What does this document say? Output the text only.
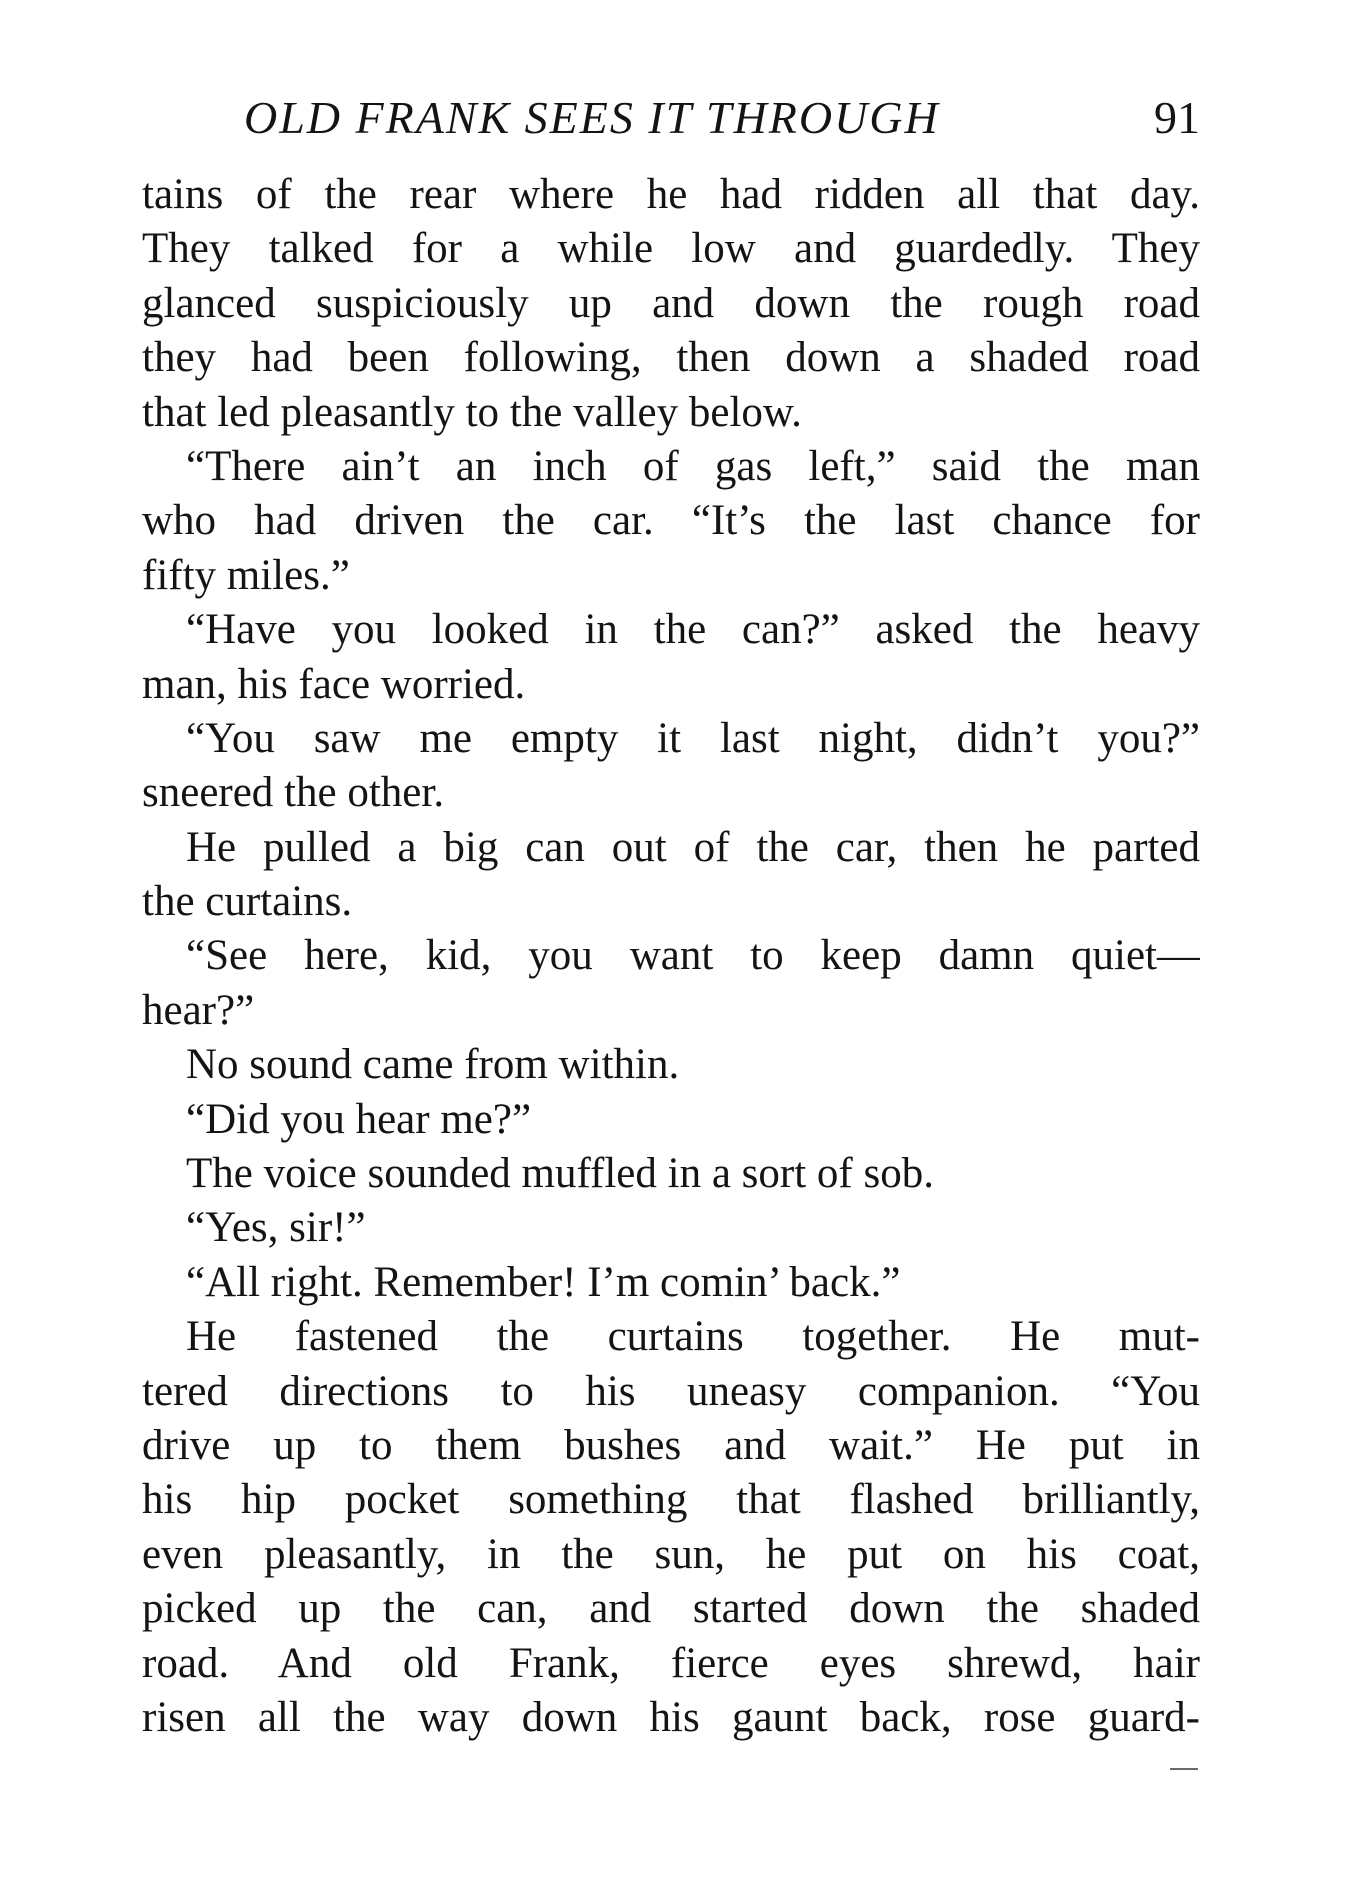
OLD FRANK SEES IT THROUGH	91
tains of the rear where he had ridden all that day.
They talked for a while low and guardedly. They
glanced suspiciously up and down the rough road
they had been following, then down a shaded road
that led pleasantly to the valley below.
“There ain’t an inch of gas left,” said the man
who had driven the car. “It’s the last chance for
fifty miles.”
“Have you looked in the can?” asked the heavy
man, his face worried.
“You saw me empty it last night, didn’t you?”
sneered the other.
He pulled a big can out of the car, then he parted
the curtains.
“See here, kid, you want to keep damn quiet—
hear?”
No sound came from within.
“Did you hear me?”
The voice sounded muffled in a sort of sob.
“Yes, sir!”
“All right. Remember! I’m comin’ back.”
He fastened the curtains together. He mut-
tered directions to his uneasy companion. “You
drive up to them bushes and wait.” He put in
his hip pocket something that flashed brilliantly,
even pleasantly, in the sun, he put on his coat,
picked up the can, and started down the shaded
road. And old Frank, fierce eyes shrewd, hair
risen all the way down his gaunt back, rose guard-
